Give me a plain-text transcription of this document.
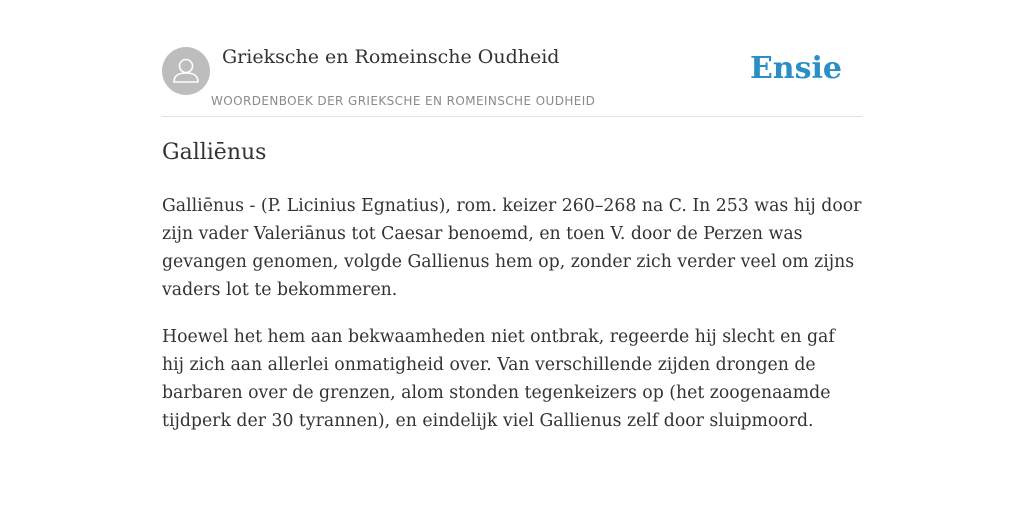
Grieksche en Romeinsche Oudheid
WOORDENBOEK DER GRIEKSCHE EN ROMEINSCHE OUDHEID
Ensie
Galliēnus

Galliēnus - (P. Licinius Egnatius), rom. keizer 260–268 na C. In 253 was hij door zijn vader Valeriānus tot Caesar benoemd, en toen V. door de Perzen was gevangen genomen, volgde Gallienus hem op, zonder zich verder veel om zijns vaders lot te bekommeren.

Hoewel het hem aan bekwaamheden niet ontbrak, regeerde hij slecht en gaf hij zich aan allerlei onmatigheid over. Van verschillende zijden drongen de barbaren over de grenzen, alom stonden tegenkeizers op (het zoogenaamde tijdperk der 30 tyrannen), en eindelijk viel Gallienus zelf door sluipmoord.
